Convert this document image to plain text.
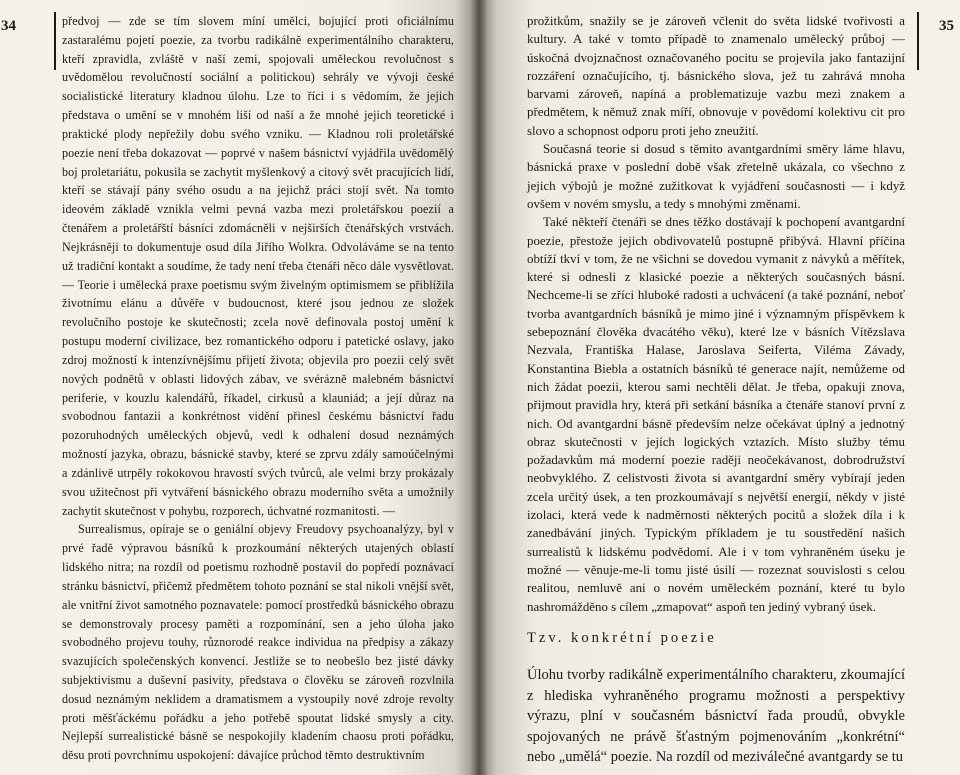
34	předvoj — zde se tím slovem míní umělci, bojující proti oficiálnímu zastaralému pojetí poezie, za tvorbu radikálně experimentálního charakteru, kteří zpravidla, zvláště v naší zemi, spojovali uměleckou revolučnost s uvědomělou revolučností sociální a politickou) sehrály ve vývoji české socialistické literatury kladnou úlohu. Lze to říci i s vědomím, že jejich představa o umění se v mnohém liší od naší a že mnohé jejich teoretické i praktické plody nepřežily dobu svého vzniku. — Kladnou roli proletářské poezie není třeba dokazovat — poprvé v našem básnictví vyjádřila uvědomělý boj proletariátu, pokusila se zachytit myšlenkový a citový svět pracujících lidí, kteří se stávají pány svého osudu a na jejichž práci stojí svět. Na tomto ideovém základě vznikla velmi pevná vazba mezi proletářskou poezií a čtenářem a proletářští básníci zdomácněli v nejširších čtenářských vrstvách. Nejkrásněji to dokumentuje osud díla Jiřího Wolkra. Odvoláváme se na tento už tradiční kontakt a soudíme, že tady není třeba čtenáři něco dále vysvětlovat. — Teorie i umělecká praxe poetismu svým živelným optimismem se přiblížila životnímu elánu a důvěře v budoucnost, které jsou jednou ze složek revolučního postoje ke skutečnosti; zcela nově definovala postoj umění k postupu moderní civilizace, bez romantického odporu i patetické oslavy, jako zdroj možností k intenzívnějšímu přijetí života; objevila pro poezii celý svět nových podnětů v oblasti lidových zábav, ve svérázně malebném básnictví periferie, v kouzlu kalendářů, říkadel, cirkusů a klauniád; a její důraz na svobodnou fantazii a konkrétnost vidění přinesl českému básnictví řadu pozoruhodných uměleckých objevů, vedl k odhalení dosud neznámých možností jazyka, obrazu, básnické stavby, které se zprvu zdály samoúčelnými a zdánlivě utrpěly rokokovou hravostí svých tvůrců, ale velmi brzy prokázaly svou užitečnost při vytváření básnického obrazu moderního světa a umožnily zachytit skutečnost v pohybu, rozporech, úchvatné rozmanitosti. —

Surrealismus, opíraje se o geniální objevy Freudovy psychoanalýzy, byl v prvé řadě výpravou básníků k prozkoumání některých utajených oblastí lidského nitra; na rozdíl od poetismu rozhodně postavil do popředí poznávací stránku básnictví, přičemž předmětem tohoto poznání se stal nikoli vnější svět, ale vnitřní život samotného poznavatele: pomocí prostředků básnického obrazu se demonstrovaly procesy paměti a rozpomínání, sen a jeho úloha jako svobodného projevu touhy, různorodé reakce individua na předpisy a zákazy svazujících společenských konvencí. Jestliže se to neobešlo bez jisté dávky subjektivismu a duševní pasivity, představa o člověku se zároveň rozvlnila dosud neznámým neklidem a dramatismem a vystoupily nové zdroje revolty proti měšťáckému pořádku a jeho potřebě spoutat lidské smysly a city. Nejlepší surrealistické básně se nespokojily kladením chaosu proti pořádku, děsu proti povrchnímu uspokojení: dávajíce průchod těmto destruktivním

35

prožitkům, snažily se je zároveň včlenit do světa lidské tvořivosti a kultury. A také v tomto případě to znamenalo umělecký průboj — úskočná dvojznačnost označovaného pocitu se projevila jako fantazijní rozzáření označujícího, tj. básnického slova, jež tu zahrává mnoha barvami zároveň, napíná a problematizuje vazbu mezi znakem a předmětem, k němuž znak míří, obnovuje v povědomí kolektivu cit pro slovo a schopnost odporu proti jeho zneužití.

Současná teorie si dosud s těmito avantgardními směry láme hlavu, básnická praxe v poslední době však zřetelně ukázala, co všechno z jejich výbojů je možné zužitkovat k vyjádření současnosti — i když ovšem v novém smyslu, a tedy s mnohými změnami.

Také někteří čtenáři se dnes těžko dostávají k pochopení avantgardní poezie, přestože jejich obdivovatelů postupně přibývá. Hlavní příčina obtíží tkví v tom, že ne všichni se dovedou vymanit z návyků a měřítek, které si odnesli z klasické poezie a některých současných básní. Nechceme-li se zříci hluboké radosti a uchvácení (a také poznání, neboť tvorba avantgardních básníků je mimo jiné i významným příspěvkem k sebepoznání člověka dvacátého věku), které lze v básních Vítězslava Nezvala, Františka Halase, Jaroslava Seiferta, Viléma Závady, Konstantina Biebla a ostatních básníků té generace najít, nemůžeme od nich žádat poezii, kterou sami nechtěli dělat. Je třeba, opakuji znova, přijmout pravidla hry, která při setkání básníka a čtenáře stanoví první z nich. Od avantgardní básně především nelze očekávat úplný a jednotný obraz skutečnosti v jejích logických vztazích. Místo služby tému požadavkům má moderní poezie raději neočekávanost, dobrodružství neobvyklého. Z celistvosti života si avantgardní směry vybírají jeden zcela určitý úsek, a ten prozkoumávají s největší energií, někdy v jisté izolaci, která vede k nadměrnosti některých pocitů a složek díla i k zanedbávání jiných. Typickým příkladem je tu soustředění našich surrealistů k lidskému podvědomí. Ale i v tom vyhraněném úseku je možné — věnuje-me-li tomu jisté úsilí — rozeznat souvislosti s celou realitou, nemluvě ani o novém uměleckém poznání, které tu bylo nashromážděno s cílem „zmapovat“ aspoň ten jediný vybraný úsek.

Tzv. konkrétní poezie

Úlohu tvorby radikálně experimentálního charakteru, zkoumající z hlediska vyhraněného programu možnosti a perspektivy výrazu, plní v současném básnictví řada proudů, obvykle spojovaných ne právě šťastným pojmenováním „konkrétní“ nebo „umělá“ poezie. Na rozdíl od meziválečné avantgardy se tu
